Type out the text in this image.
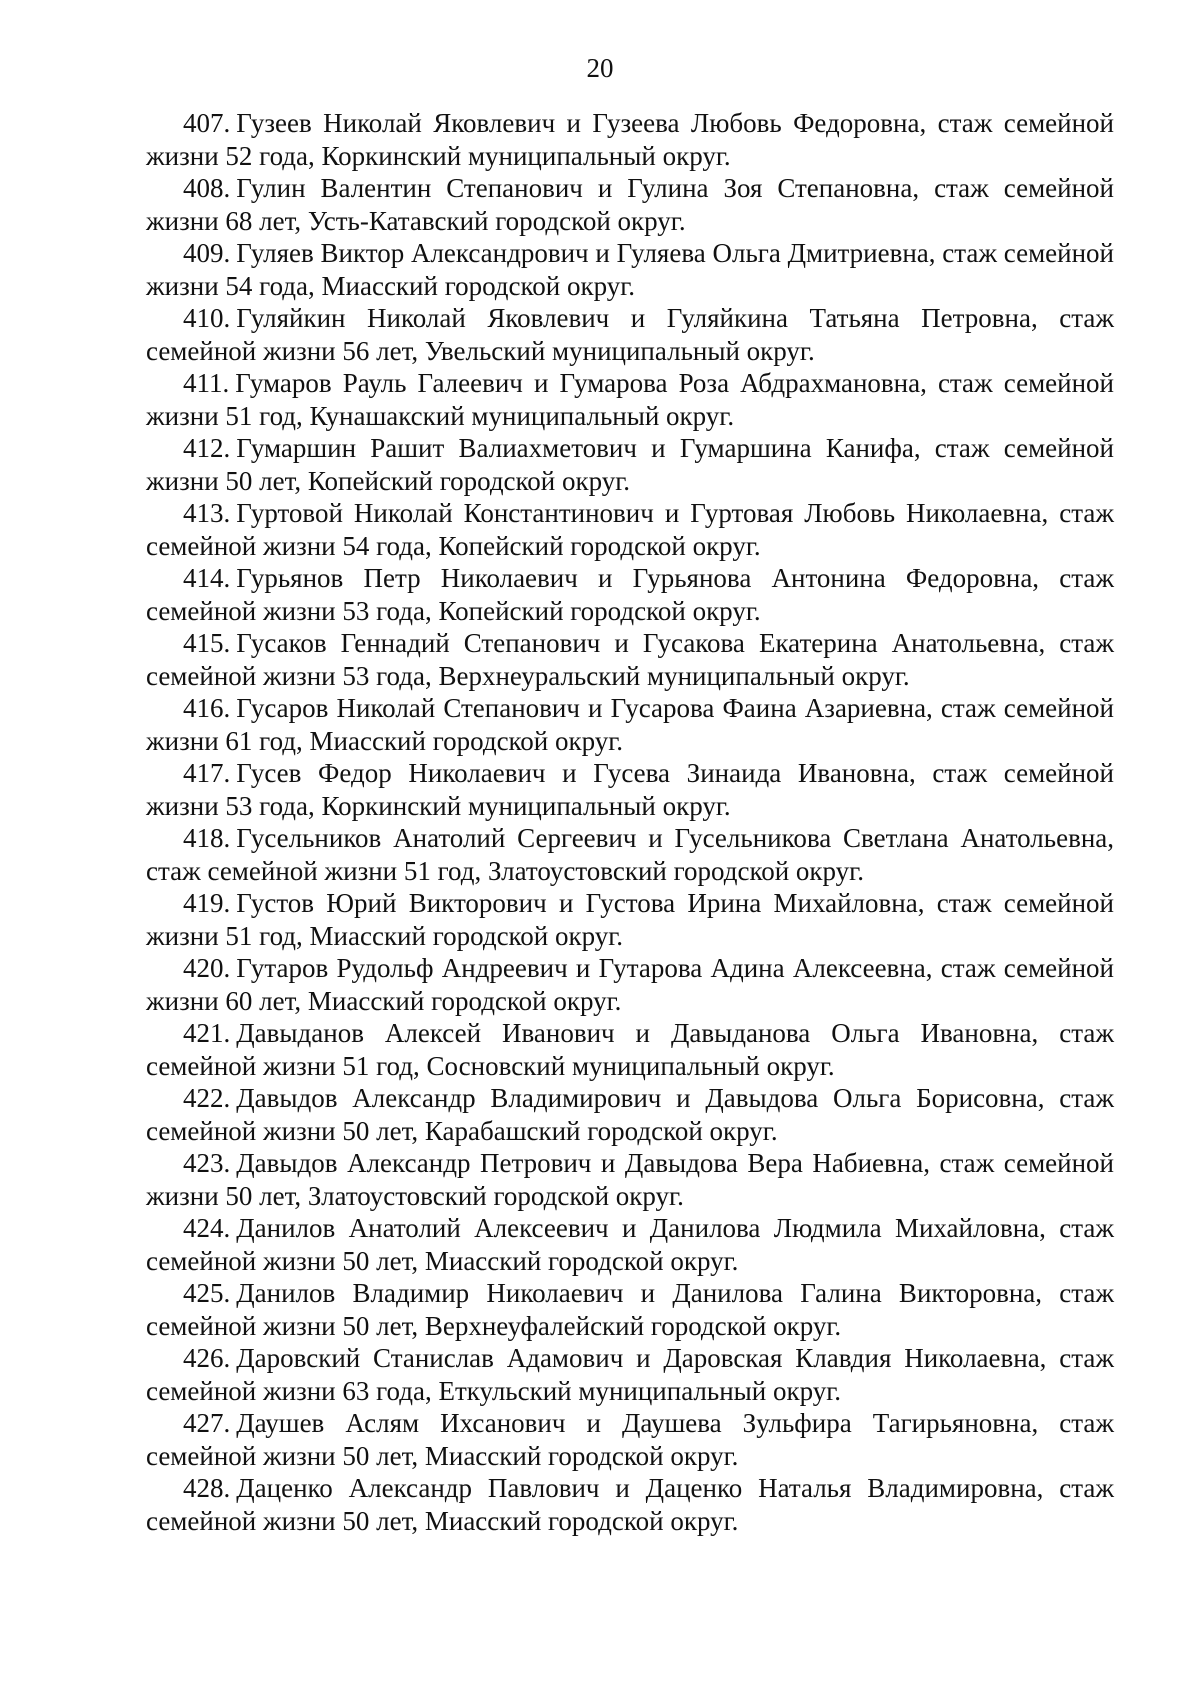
20
407. Гузеев Николай Яковлевич и Гузеева Любовь Федоровна, стаж семейной жизни 52 года, Коркинский муниципальный округ.
408. Гулин Валентин Степанович и Гулина Зоя Степановна, стаж семейной жизни 68 лет, Усть-Катавский городской округ.
409. Гуляев Виктор Александрович и Гуляева Ольга Дмитриевна, стаж семейной жизни 54 года, Миасский городской округ.
410. Гуляйкин Николай Яковлевич и Гуляйкина Татьяна Петровна, стаж семейной жизни 56 лет, Увельский муниципальный округ.
411. Гумаров Рауль Галеевич и Гумарова Роза Абдрахмановна, стаж семейной жизни 51 год, Кунашакский муниципальный округ.
412. Гумаршин Рашит Валиахметович и Гумаршина Канифа, стаж семейной жизни 50 лет, Копейский городской округ.
413. Гуртовой Николай Константинович и Гуртовая Любовь Николаевна, стаж семейной жизни 54 года, Копейский городской округ.
414. Гурьянов Петр Николаевич и Гурьянова Антонина Федоровна, стаж семейной жизни 53 года, Копейский городской округ.
415. Гусаков Геннадий Степанович и Гусакова Екатерина Анатольевна, стаж семейной жизни 53 года, Верхнеуральский муниципальный округ.
416. Гусаров Николай Степанович и Гусарова Фаина Азариевна, стаж семейной жизни 61 год, Миасский городской округ.
417. Гусев Федор Николаевич и Гусева Зинаида Ивановна, стаж семейной жизни 53 года, Коркинский муниципальный округ.
418. Гусельников Анатолий Сергеевич и Гусельникова Светлана Анатольевна, стаж семейной жизни 51 год, Златоустовский городской округ.
419. Густов Юрий Викторович и Густова Ирина Михайловна, стаж семейной жизни 51 год, Миасский городской округ.
420. Гутаров Рудольф Андреевич и Гутарова Адина Алексеевна, стаж семейной жизни 60 лет, Миасский городской округ.
421. Давыданов Алексей Иванович и Давыданова Ольга Ивановна, стаж семейной жизни 51 год, Сосновский муниципальный округ.
422. Давыдов Александр Владимирович и Давыдова Ольга Борисовна, стаж семейной жизни 50 лет, Карабашский городской округ.
423. Давыдов Александр Петрович и Давыдова Вера Набиевна, стаж семейной жизни 50 лет, Златоустовский городской округ.
424. Данилов Анатолий Алексеевич и Данилова Людмила Михайловна, стаж семейной жизни 50 лет, Миасский городской округ.
425. Данилов Владимир Николаевич и Данилова Галина Викторовна, стаж семейной жизни 50 лет, Верхнеуфалейский городской округ.
426. Даровский Станислав Адамович и Даровская Клавдия Николаевна, стаж семейной жизни 63 года, Еткульский муниципальный округ.
427. Даушев Аслям Ихсанович и Даушева Зульфира Тагирьяновна, стаж семейной жизни 50 лет, Миасский городской округ.
428. Даценко Александр Павлович и Даценко Наталья Владимировна, стаж семейной жизни 50 лет, Миасский городской округ.
